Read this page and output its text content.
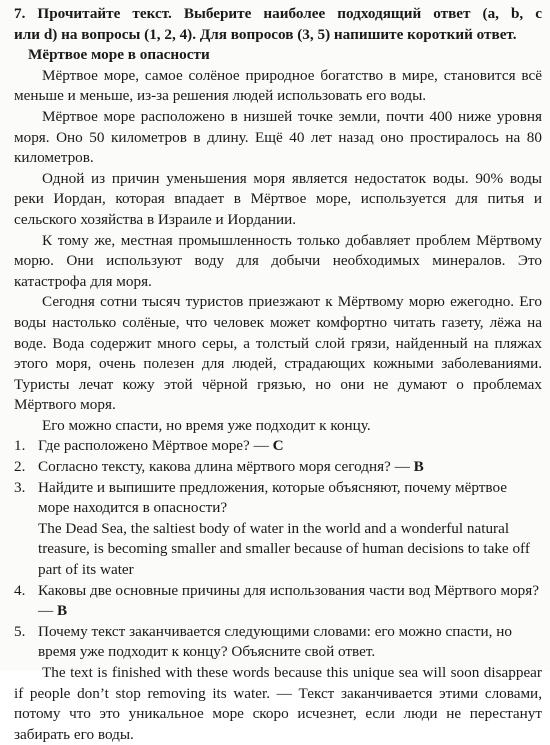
7. Прочитайте текст. Выберите наиболее подходящий ответ (a, b, c

или d) на вопросы (1, 2, 4). Для вопросов (3, 5) напишите короткий ответ.

Мёртвое море в опасности

Мёртвое море, самое солёное природное богатство в мире, становится всё меньше и меньше, из-за решения людей использовать его воды.

Мёртвое море расположено в низшей точке земли, почти 400 ниже уровня моря. Оно 50 километров в длину. Ещё 40 лет назад оно простиралось на 80 километров.

Одной из причин уменьшения моря является недостаток воды. 90% воды реки Иордан, которая впадает в Мёртвое море, используется для питья и сельского хозяйства в Израиле и Иордании.

К тому же, местная промышленность только добавляет проблем Мёртвому морю. Они используют воду для добычи необходимых минералов. Это катастрофа для моря.

Сегодня сотни тысяч туристов приезжают к Мёртвому морю ежегодно. Его воды настолько солёные, что человек может комфортно читать газету, лёжа на воде. Вода содержит много серы, а толстый слой грязи, найденный на пляжах этого моря, очень полезен для людей, страдающих кожными заболеваниями. Туристы лечат кожу этой чёрной грязью, но они не думают о проблемах Мёртвого моря.

Его можно спасти, но время уже подходит к концу.

1. Где расположено Мёртвое море? — C
2. Согласно тексту, какова длина мёртвого моря сегодня? — B
3. Найдите и выпишите предложения, которые объясняют, почему мёртвое море находится в опасности?
The Dead Sea, the saltiest body of water in the world and a wonderful natural treasure, is becoming smaller and smaller because of human decisions to take off part of its water
4. Каковы две основные причины для использования части вод Мёртвого моря? — B
5. Почему текст заканчивается следующими словами: его можно спасти, но время уже подходит к концу? Объясните свой ответ.

The text is finished with these words because this unique sea will soon disappear if people don’t stop removing its water. — Текст заканчивается этими словами, потому что это уникальное море скоро исчезнет, если люди не перестанут забирать его воды.
